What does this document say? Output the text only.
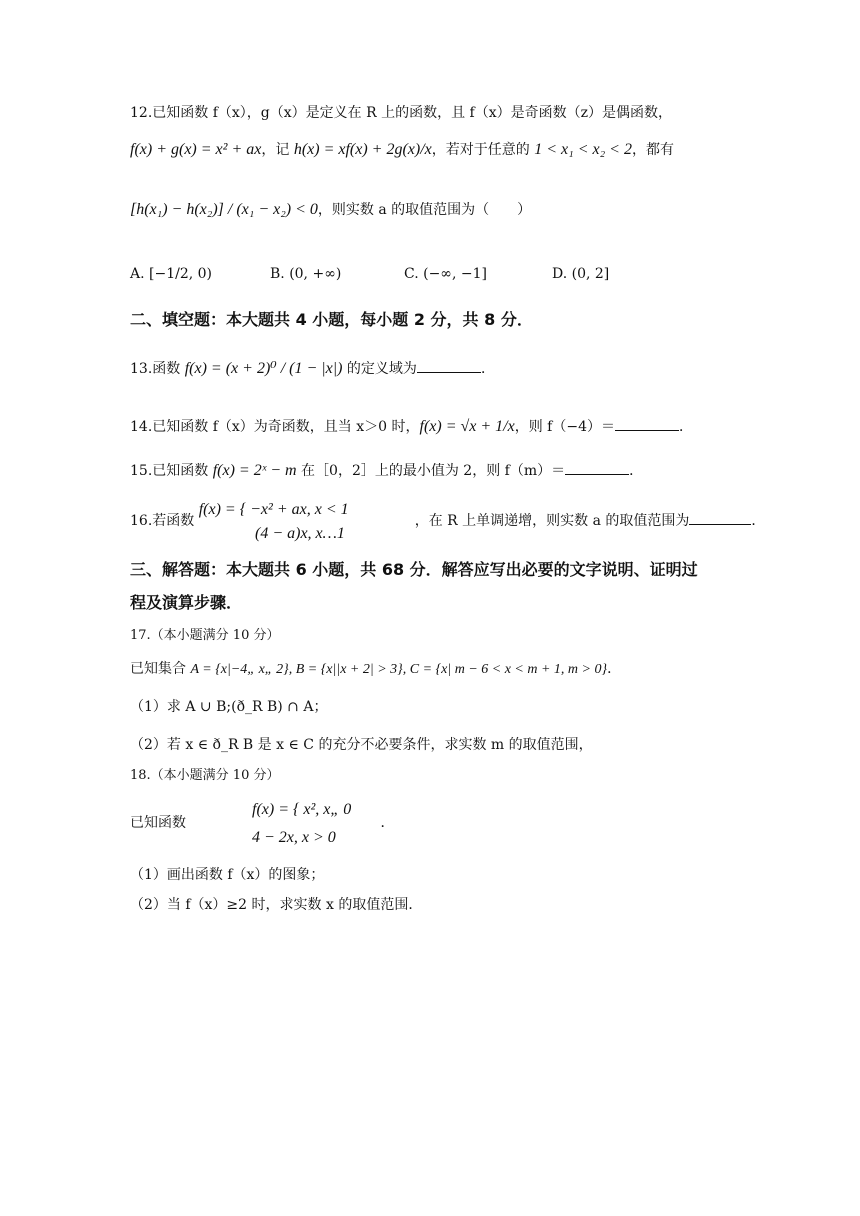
12.已知函数 f（x），g（x）是定义在 R 上的函数，且 f（x）是奇函数（z）是偶函数，
f(x) + g(x) = x² + ax，记 h(x) = xf(x) + 2g(x)/x，若对于任意的 1 < x₁ < x₂ < 2，都有
[h(x₁) − h(x₂)] / (x₁ − x₂) < 0，则实数 a 的取值范围为（　　）
A. [−1/2, 0)	B. (0, +∞)	C. (−∞, −1]	D. (0, 2]
二、填空题：本大题共 4 小题，每小题 2 分，共 8 分．
13.函数 f(x) = (x + 2)⁰ / (1 − |x|) 的定义域为	．
14.已知函数 f（x）为奇函数，且当 x＞0 时，f(x) = √x + 1/x，则 f（−4）＝	．
15.已知函数 f(x) = 2ˣ − m 在［0，2］上的最小值为 2，则 f（m）＝	．
f(x) = { −x² + ax, x < 1
16.若函数	，在 R 上单调递增，则实数 a 的取值范围为	．
(4 − a)x, x…1
三、解答题：本大题共 6 小题，共 68 分．解答应写出必要的文字说明、证明过
程及演算步骤．
17.（本小题满分 10 分）
已知集合 A = {x|−4„ x„ 2}, B = {x||x + 2| > 3}, C = {x| m − 6 < x < m + 1, m > 0}．
（1）求 A ∪ B;(ð_R B) ∩ A；
（2）若 x ∈ ð_R B 是 x ∈ C 的充分不必要条件，求实数 m 的取值范围，
18.（本小题满分 10 分）
f(x) = { x², x„ 0
已知函数	．
4 − 2x, x > 0
（1）画出函数 f（x）的图象；
（2）当 f（x）≥2 时，求实数 x 的取值范围．
